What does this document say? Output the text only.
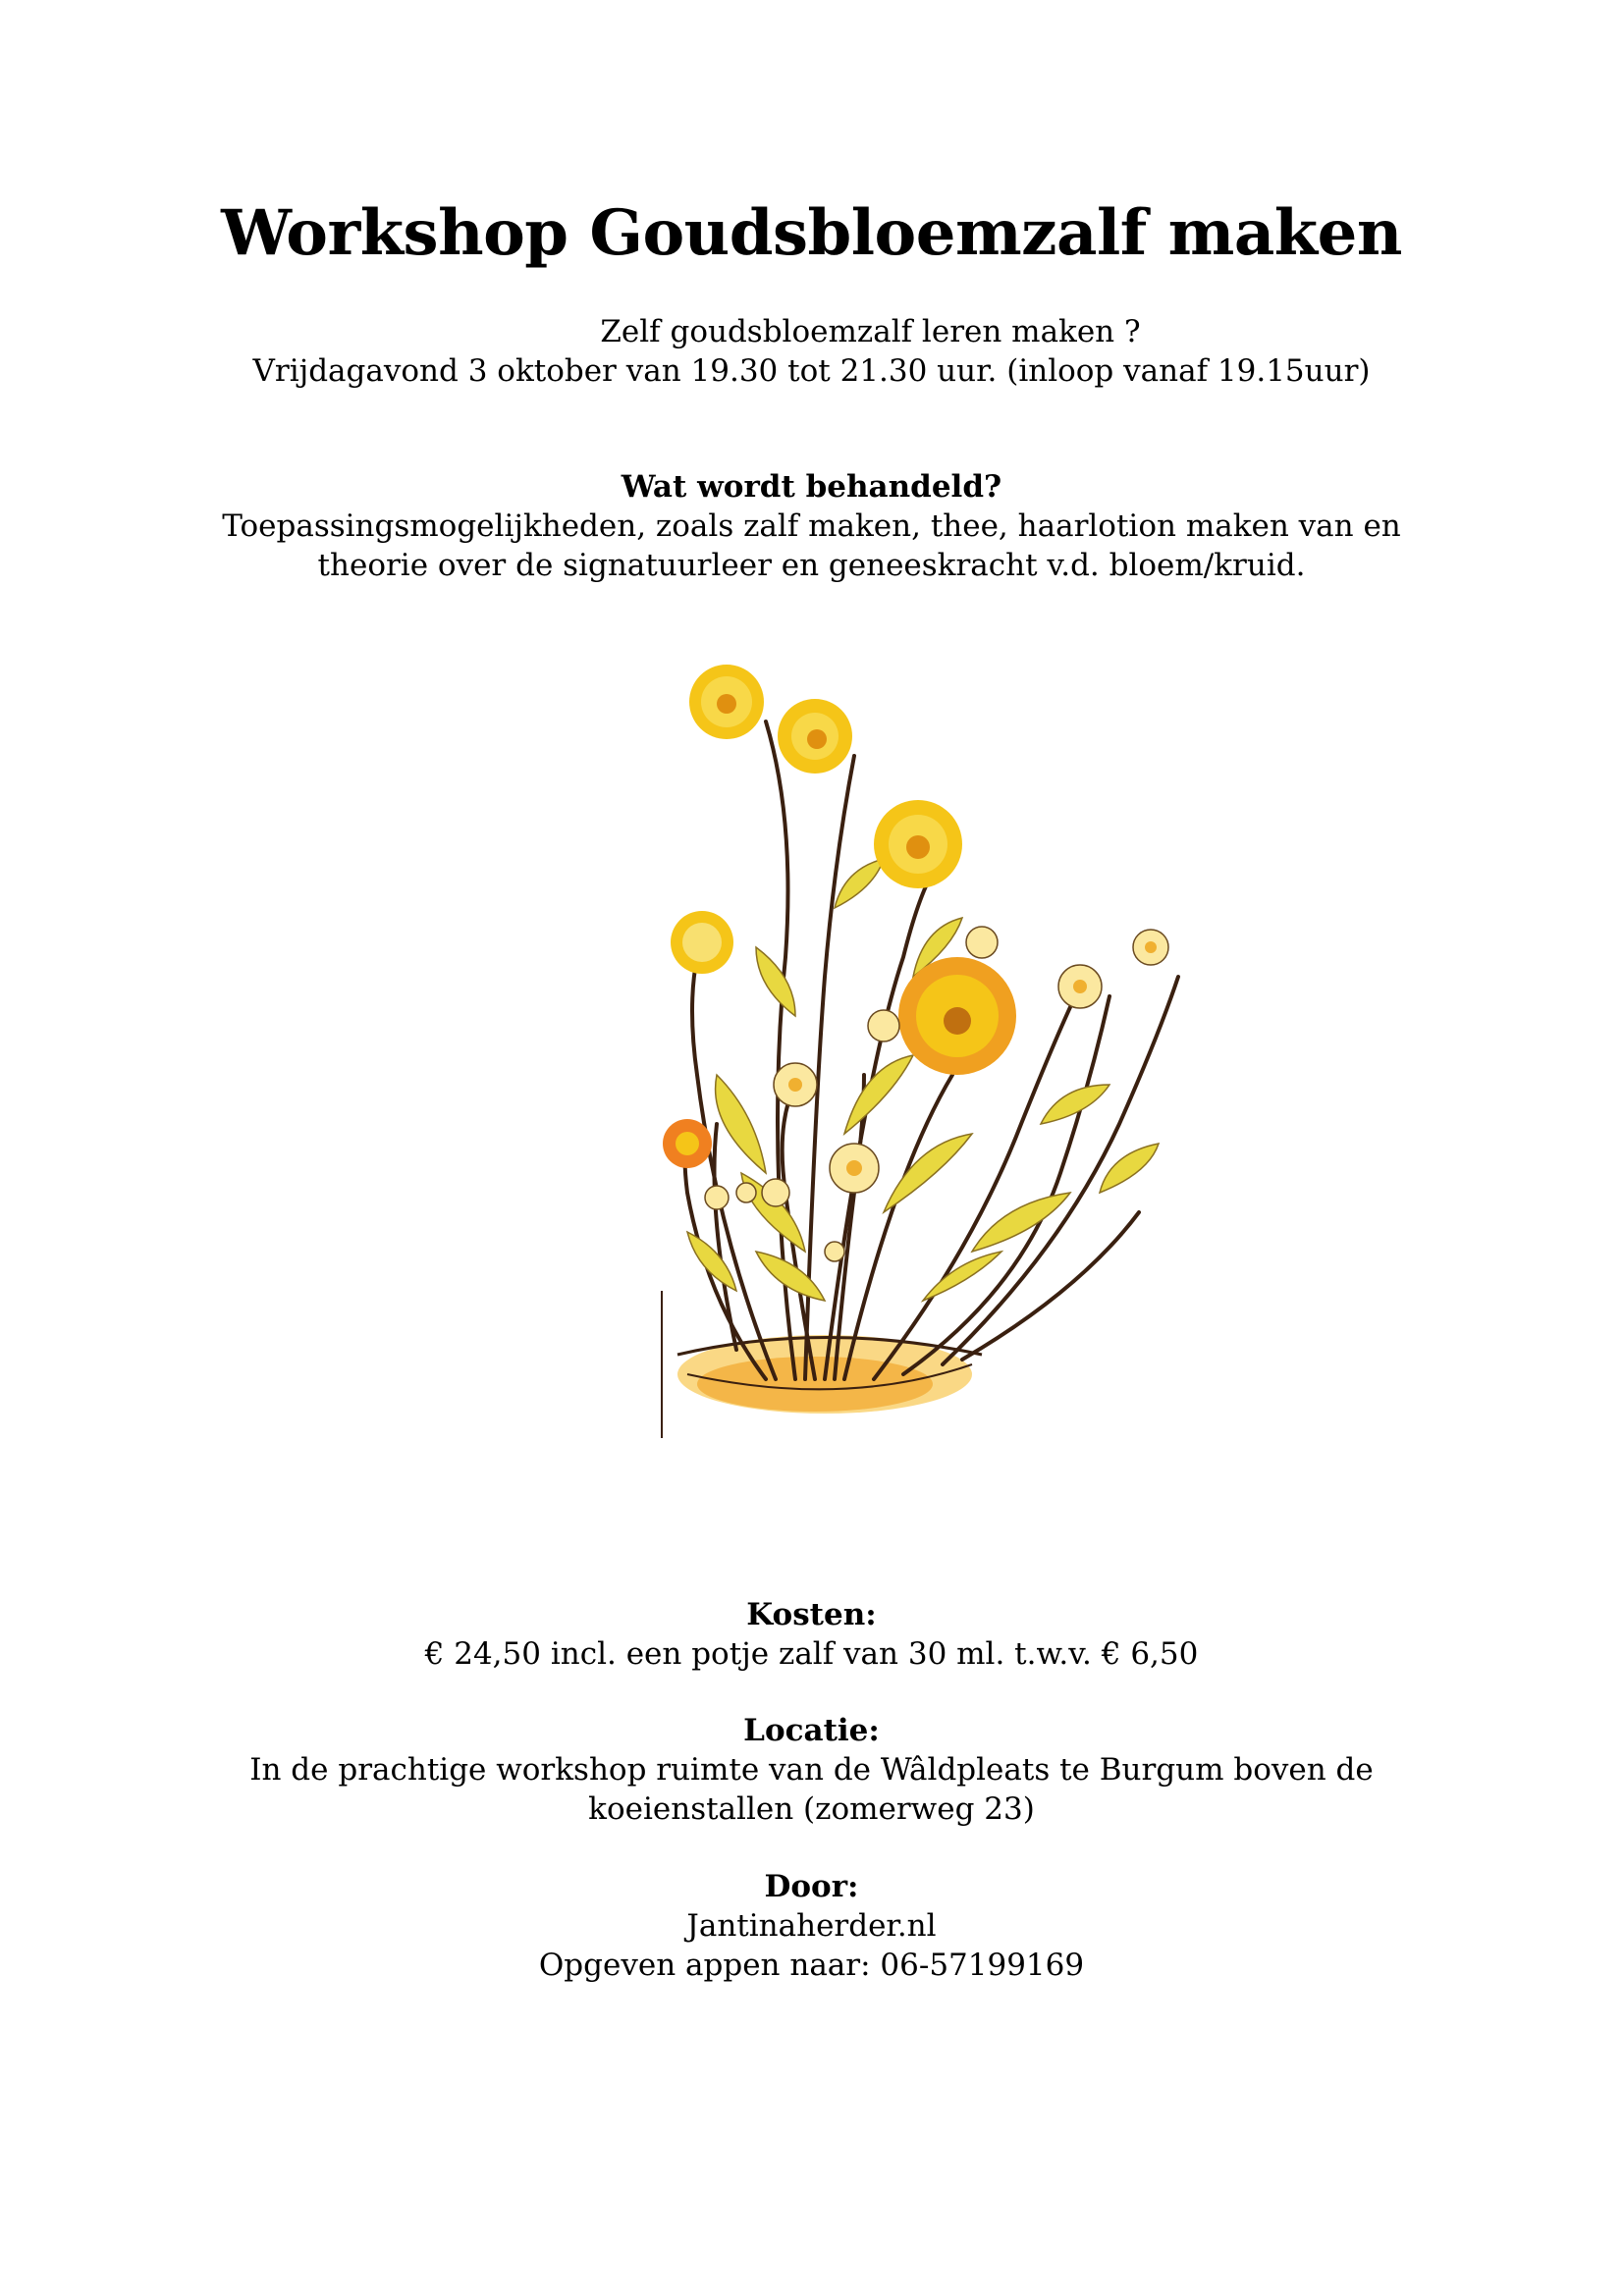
Workshop Goudsbloemzalf maken
Zelf goudsbloemzalf leren maken ?
Vrijdagavond 3 oktober van 19.30 tot 21.30 uur. (inloop vanaf 19.15uur)
Wat wordt behandeld?
Toepassingsmogelijkheden, zoals zalf maken, thee, haarlotion maken van en
theorie over de signatuurleer en geneeskracht v.d. bloem/kruid.
Kosten:
€ 24,50 incl. een potje zalf van 30 ml. t.w.v. € 6,50
Locatie:
In de prachtige workshop ruimte van de Wâldpleats te Burgum boven de
koeienstallen (zomerweg 23)
Door:
Jantinaherder.nl
Opgeven appen naar: 06-57199169
